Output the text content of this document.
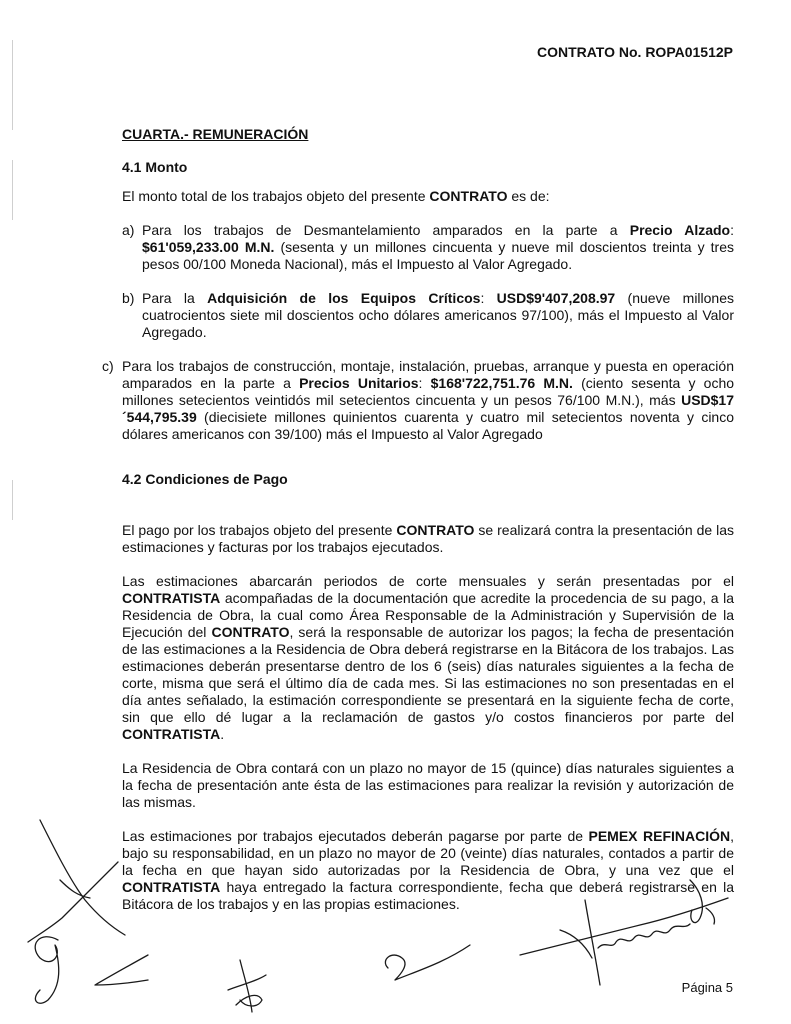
CONTRATO No. ROPA01512P
CUARTA.- REMUNERACIÓN
4.1 Monto

El monto total de los trabajos objeto del presente CONTRATO es de:

a) Para los trabajos de Desmantelamiento amparados en la parte a Precio Alzado: $61'059,233.00 M.N. (sesenta y un millones cincuenta y nueve mil doscientos treinta y tres pesos 00/100 Moneda Nacional), más el Impuesto al Valor Agregado.
b) Para la Adquisición de los Equipos Críticos: USD$9'407,208.97 (nueve millones cuatrocientos siete mil doscientos ocho dólares americanos 97/100), más el Impuesto al Valor Agregado.
c) Para los trabajos de construcción, montaje, instalación, pruebas, arranque y puesta en operación amparados en la parte a Precios Unitarios: $168'722,751.76 M.N. (ciento sesenta y ocho millones setecientos veintidós mil setecientos cincuenta y un pesos 76/100 M.N.), más USD$17´544,795.39 (diecisiete millones quinientos cuarenta y cuatro mil setecientos noventa y cinco dólares americanos con 39/100) más el Impuesto al Valor Agregado
4.2 Condiciones de Pago

El pago por los trabajos objeto del presente CONTRATO se realizará contra la presentación de las estimaciones y facturas por los trabajos ejecutados.

Las estimaciones abarcarán periodos de corte mensuales y serán presentadas por el CONTRATISTA acompañadas de la documentación que acredite la procedencia de su pago, a la Residencia de Obra, la cual como Área Responsable de la Administración y Supervisión de la Ejecución del CONTRATO, será la responsable de autorizar los pagos; la fecha de presentación de las estimaciones a la Residencia de Obra deberá registrarse en la Bitácora de los trabajos. Las estimaciones deberán presentarse dentro de los 6 (seis) días naturales siguientes a la fecha de corte, misma que será el último día de cada mes. Si las estimaciones no son presentadas en el día antes señalado, la estimación correspondiente se presentará en la siguiente fecha de corte, sin que ello dé lugar a la reclamación de gastos y/o costos financieros por parte del CONTRATISTA.

La Residencia de Obra contará con un plazo no mayor de 15 (quince) días naturales siguientes a la fecha de presentación ante ésta de las estimaciones para realizar la revisión y autorización de las mismas.

Las estimaciones por trabajos ejecutados deberán pagarse por parte de PEMEX REFINACIÓN, bajo su responsabilidad, en un plazo no mayor de 20 (veinte) días naturales, contados a partir de la fecha en que hayan sido autorizadas por la Residencia de Obra, y una vez que el CONTRATISTA haya entregado la factura correspondiente, fecha que deberá registrarse en la Bitácora de los trabajos y en las propias estimaciones.

Página 5
